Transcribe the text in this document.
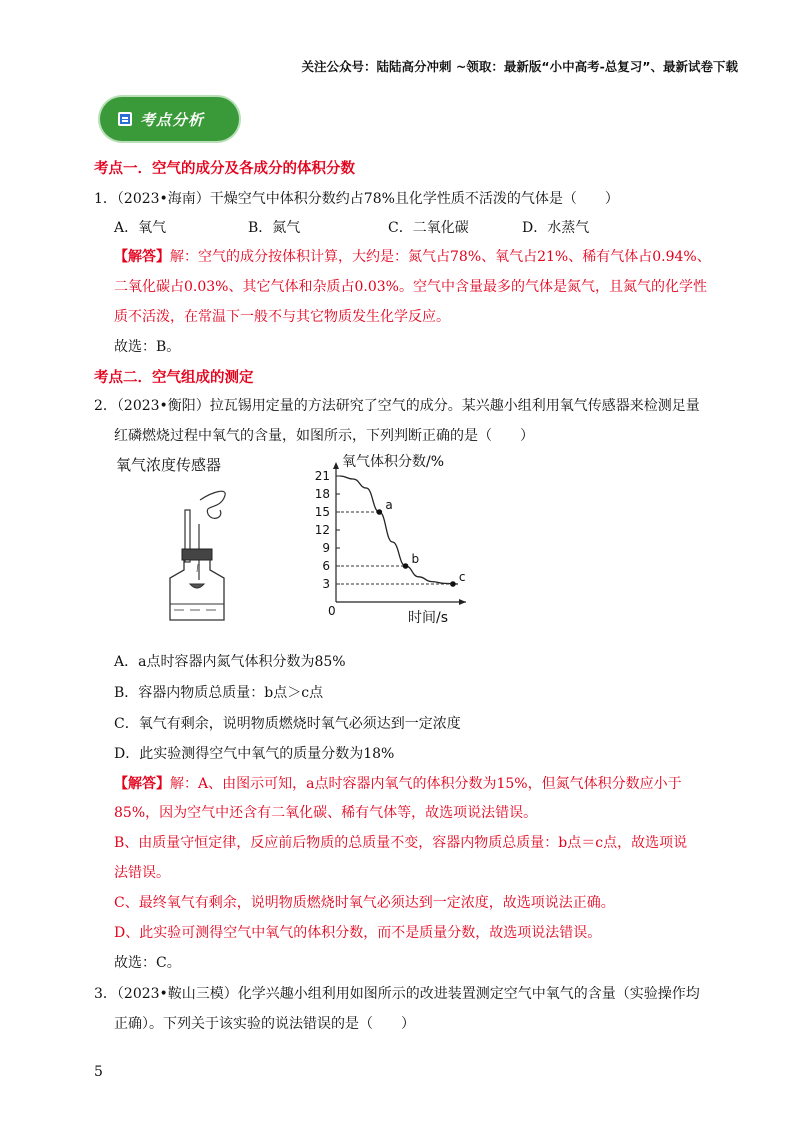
关注公众号：陆陆高分冲刺 ~领取：最新版“小中高考-总复习”、最新试卷下载
考点分析
考点一．空气的成分及各成分的体积分数
1．（2023•海南）干燥空气中体积分数约占78%且化学性质不活泼的气体是（　　）
A．氧气	B．氮气	C．二氧化碳	D．水蒸气
【解答】解：空气的成分按体积计算，大约是：氮气占78%、氧气占21%、稀有气体占0.94%、
二氧化碳占0.03%、其它气体和杂质占0.03%。空气中含量最多的气体是氮气，且氮气的化学性
质不活泼，在常温下一般不与其它物质发生化学反应。
故选：B。
考点二．空气组成的测定
2．（2023•衡阳）拉瓦锡用定量的方法研究了空气的成分。某兴趣小组利用氧气传感器来检测足量
红磷燃烧过程中氧气的含量，如图所示，下列判断正确的是（　　）
氧气浓度传感器	氧气体积分数/%
时间/s
0
3
6
9
12
15
18
21
a
b
c
A．a点时容器内氮气体积分数为85%
B．容器内物质总质量：b点＞c点
C．氧气有剩余，说明物质燃烧时氧气必须达到一定浓度
D．此实验测得空气中氧气的质量分数为18%
【解答】解：A、由图示可知，a点时容器内氧气的体积分数为15%，但氮气体积分数应小于
85%，因为空气中还含有二氧化碳、稀有气体等，故选项说法错误。
B、由质量守恒定律，反应前后物质的总质量不变，容器内物质总质量：b点＝c点，故选项说
法错误。
C、最终氧气有剩余，说明物质燃烧时氧气必须达到一定浓度，故选项说法正确。
D、此实验可测得空气中氧气的体积分数，而不是质量分数，故选项说法错误。
故选：C。
3．（2023•鞍山三模）化学兴趣小组利用如图所示的改进装置测定空气中氧气的含量（实验操作均
正确）。下列关于该实验的说法错误的是（　　）
5
